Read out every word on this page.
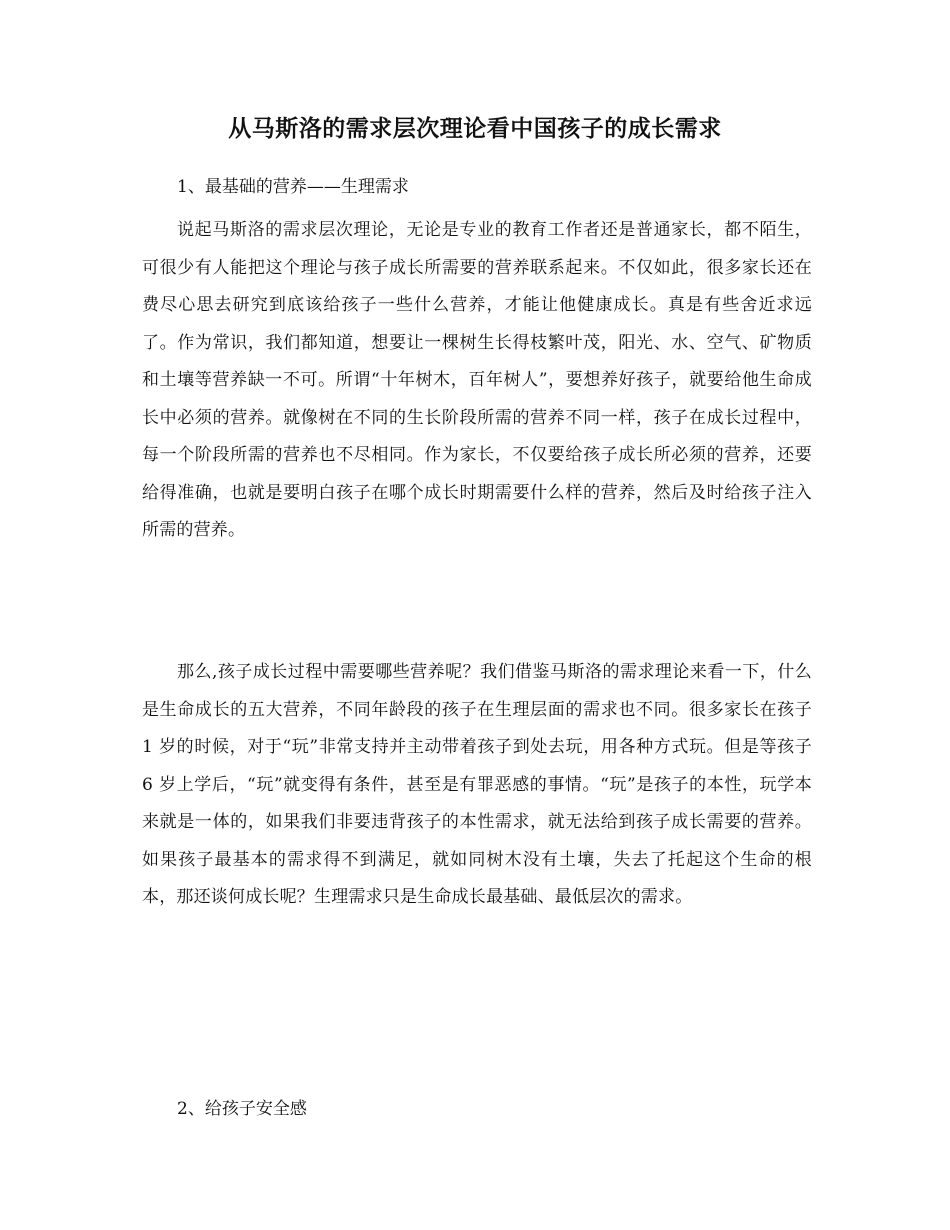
从马斯洛的需求层次理论看中国孩子的成长需求

1、最基础的营养——生理需求

说起马斯洛的需求层次理论，无论是专业的教育工作者还是普通家长，都不陌生，可很少有人能把这个理论与孩子成长所需要的营养联系起来。不仅如此，很多家长还在费尽心思去研究到底该给孩子一些什么营养，才能让他健康成长。真是有些舍近求远了。作为常识，我们都知道，想要让一棵树生长得枝繁叶茂，阳光、水、空气、矿物质和土壤等营养缺一不可。所谓“十年树木，百年树人”，要想养好孩子，就要给他生命成长中必须的营养。就像树在不同的生长阶段所需的营养不同一样，孩子在成长过程中，每一个阶段所需的营养也不尽相同。作为家长，不仅要给孩子成长所必须的营养，还要给得准确，也就是要明白孩子在哪个成长时期需要什么样的营养，然后及时给孩子注入所需的营养。

那么,孩子成长过程中需要哪些营养呢？我们借鉴马斯洛的需求理论来看一下，什么是生命成长的五大营养，不同年龄段的孩子在生理层面的需求也不同。很多家长在孩子 1 岁的时候，对于“玩”非常支持并主动带着孩子到处去玩，用各种方式玩。但是等孩子 6 岁上学后，“玩”就变得有条件，甚至是有罪恶感的事情。“玩”是孩子的本性，玩学本来就是一体的，如果我们非要违背孩子的本性需求，就无法给到孩子成长需要的营养。如果孩子最基本的需求得不到满足，就如同树木没有土壤，失去了托起这个生命的根本，那还谈何成长呢？生理需求只是生命成长最基础、最低层次的需求。

2、给孩子安全感
